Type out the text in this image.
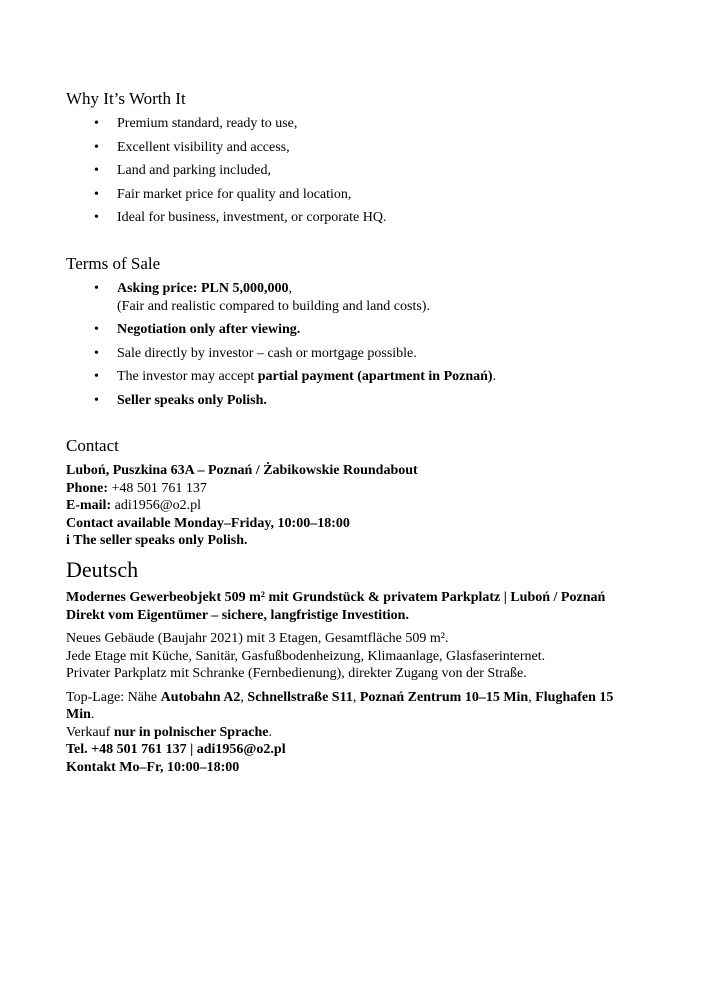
Why It’s Worth It
• Premium standard, ready to use,
• Excellent visibility and access,
• Land and parking included,
• Fair market price for quality and location,
• Ideal for business, investment, or corporate HQ.
Terms of Sale
• Asking price: PLN 5,000,000,
(Fair and realistic compared to building and land costs).
• Negotiation only after viewing.
• Sale directly by investor – cash or mortgage possible.
• The investor may accept partial payment (apartment in Poznań).
• Seller speaks only Polish.
Contact
Luboń, Puszkina 63A – Poznań / Żabikowskie Roundabout
Phone: +48 501 761 137
E-mail: adi1956@o2.pl
Contact available Monday–Friday, 10:00–18:00
i The seller speaks only Polish.
Deutsch
Modernes Gewerbeobjekt 509 m² mit Grundstück & privatem Parkplatz | Luboń / Poznań
Direkt vom Eigentümer – sichere, langfristige Investition.
Neues Gebäude (Baujahr 2021) mit 3 Etagen, Gesamtfläche 509 m².
Jede Etage mit Küche, Sanitär, Gasfußbodenheizung, Klimaanlage, Glasfaserinternet.
Privater Parkplatz mit Schranke (Fernbedienung), direkter Zugang von der Straße.
Top-Lage: Nähe Autobahn A2, Schnellstraße S11, Poznań Zentrum 10–15 Min, Flughafen 15 Min.
Verkauf nur in polnischer Sprache.
Tel. +48 501 761 137 | adi1956@o2.pl
Kontakt Mo–Fr, 10:00–18:00
